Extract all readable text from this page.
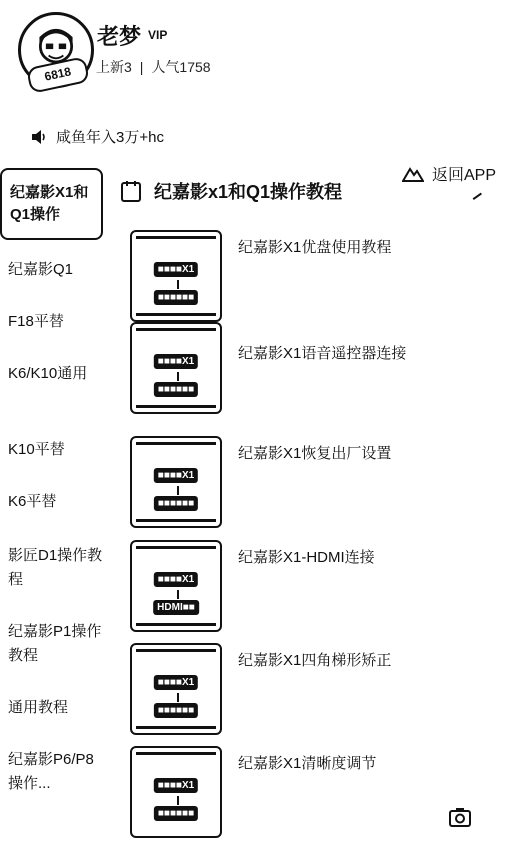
6818
老梦 VIP
上新3 | 人气1758
咸鱼年入3万+hc
返回APP
纪嘉影X1和Q1操作
纪嘉影Q1
F18平替
K6/K10通用
K10平替
K6平替
影匠D1操作教程
纪嘉影P1操作教程
通用教程
纪嘉影P6/P8操作...
纪嘉影x1和Q1操作教程
■■■■X1
■■■■■■
纪嘉影X1优盘使用教程
■■■■X1
■■■■■■
纪嘉影X1语音遥控器连接
■■■■X1
■■■■■■
纪嘉影X1恢复出厂设置
■■■■X1
HDMI■■
纪嘉影X1-HDMI连接
■■■■X1
■■■■■■
纪嘉影X1四角梯形矫正
■■■■X1
■■■■■■
纪嘉影X1清晰度调节
